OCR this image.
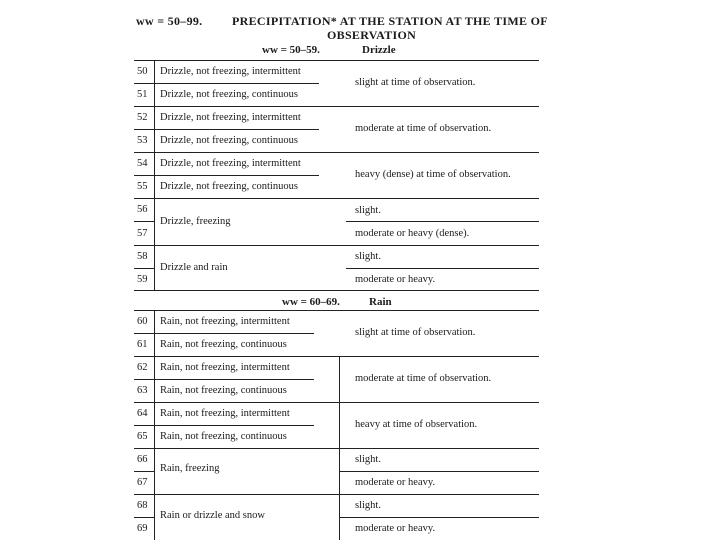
ww = 50–99. PRECIPITATION* AT THE STATION AT THE TIME OF
OBSERVATION
ww = 50–59.	Drizzle
50
51
52
53
54
55
56
57
58
59
Drizzle, not freezing, intermittent
Drizzle, not freezing, continuous
Drizzle, not freezing, intermittent
Drizzle, not freezing, continuous
Drizzle, not freezing, intermittent
Drizzle, not freezing, continuous
Drizzle, freezing
Drizzle and rain
slight at time of observation.
moderate at time of observation.
heavy (dense) at time of observation.
slight.
moderate or heavy (dense).
slight.
moderate or heavy.
ww = 60–69.	Rain
60
61
62
63
64
65
66
67
68
69
Rain, not freezing, intermittent
Rain, not freezing, continuous
Rain, not freezing, intermittent
Rain, not freezing, continuous
Rain, not freezing, intermittent
Rain, not freezing, continuous
Rain, freezing
Rain or drizzle and snow
slight at time of observation.
moderate at time of observation.
heavy at time of observation.
slight.
moderate or heavy.
slight.
moderate or heavy.
